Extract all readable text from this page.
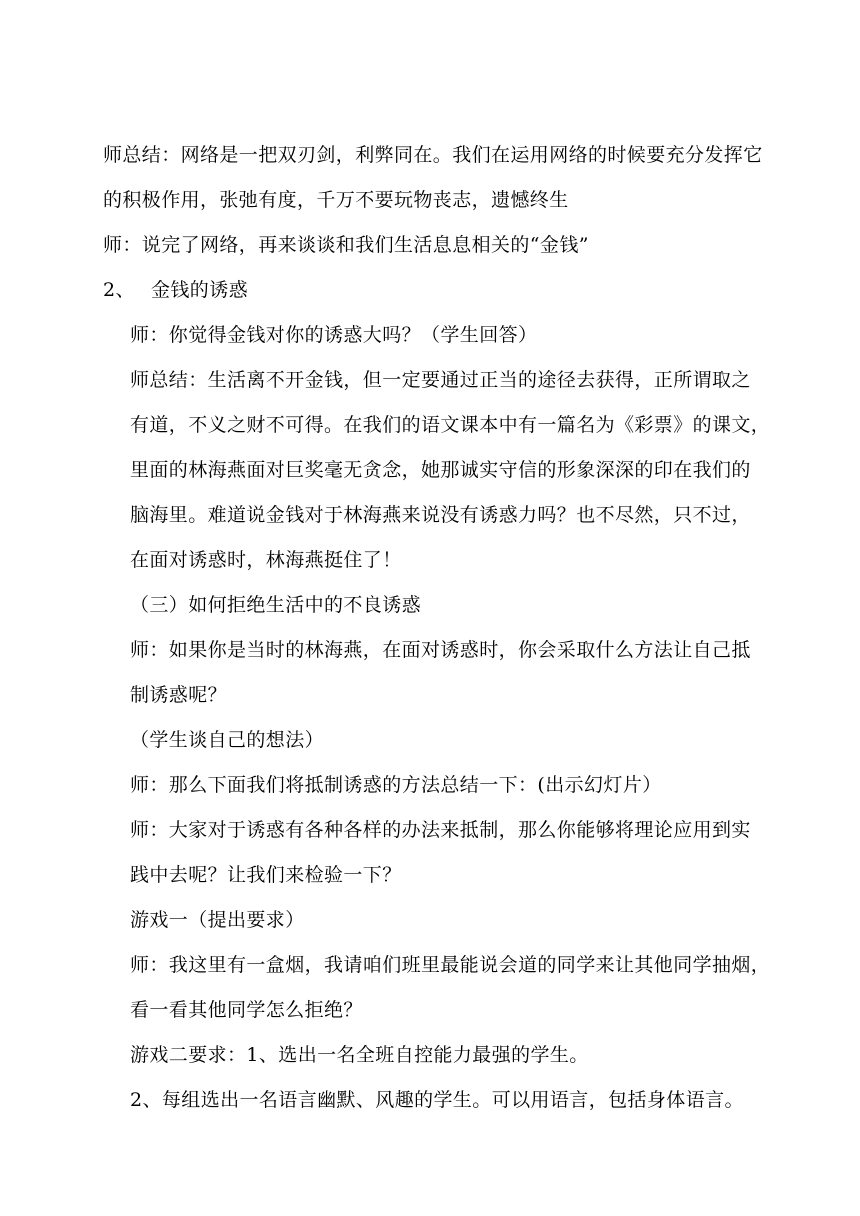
师总结：网络是一把双刃剑，利弊同在。我们在运用网络的时候要充分发挥它
的积极作用，张弛有度，千万不要玩物丧志，遗憾终生
师：说完了网络，再来谈谈和我们生活息息相关的“金钱”
2、 金钱的诱惑
师：你觉得金钱对你的诱惑大吗？（学生回答）
师总结：生活离不开金钱，但一定要通过正当的途径去获得，正所谓取之
有道，不义之财不可得。在我们的语文课本中有一篇名为《彩票》的课文，
里面的林海燕面对巨奖毫无贪念，她那诚实守信的形象深深的印在我们的
脑海里。难道说金钱对于林海燕来说没有诱惑力吗？也不尽然，只不过，
在面对诱惑时，林海燕挺住了！
（三）如何拒绝生活中的不良诱惑
师：如果你是当时的林海燕，在面对诱惑时，你会采取什么方法让自己抵
制诱惑呢？
（学生谈自己的想法）
师：那么下面我们将抵制诱惑的方法总结一下：(出示幻灯片）
师：大家对于诱惑有各种各样的办法来抵制，那么你能够将理论应用到实
践中去呢？让我们来检验一下？
游戏一（提出要求）
师：我这里有一盒烟，我请咱们班里最能说会道的同学来让其他同学抽烟，
看一看其他同学怎么拒绝？
游戏二要求：1、选出一名全班自控能力最强的学生。
2、每组选出一名语言幽默、风趣的学生。可以用语言，包括身体语言。
